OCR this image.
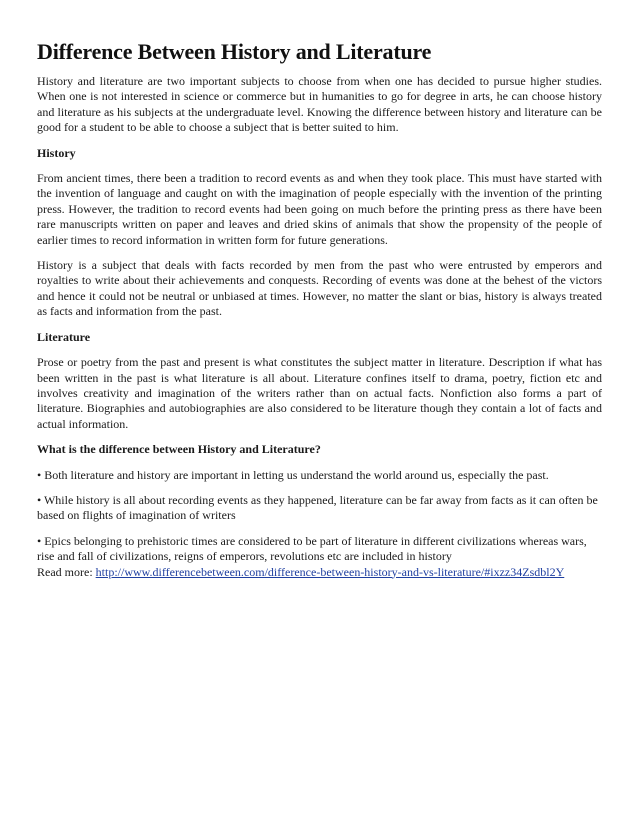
Difference Between History and Literature

History and literature are two important subjects to choose from when one has decided to pursue higher studies. When one is not interested in science or commerce but in humanities to go for degree in arts, he can choose history and literature as his subjects at the undergraduate level. Knowing the difference between history and literature can be good for a student to be able to choose a subject that is better suited to him.

History

From ancient times, there been a tradition to record events as and when they took place. This must have started with the invention of language and caught on with the imagination of people especially with the invention of the printing press. However, the tradition to record events had been going on much before the printing press as there have been rare manuscripts written on paper and leaves and dried skins of animals that show the propensity of the people of earlier times to record information in written form for future generations.

History is a subject that deals with facts recorded by men from the past who were entrusted by emperors and royalties to write about their achievements and conquests. Recording of events was done at the behest of the victors and hence it could not be neutral or unbiased at times. However, no matter the slant or bias, history is always treated as facts and information from the past.

Literature

Prose or poetry from the past and present is what constitutes the subject matter in literature. Description if what has been written in the past is what literature is all about. Literature confines itself to drama, poetry, fiction etc and involves creativity and imagination of the writers rather than on actual facts. Nonfiction also forms a part of literature. Biographies and autobiographies are also considered to be literature though they contain a lot of facts and actual information.

What is the difference between History and Literature?

• Both literature and history are important in letting us understand the world around us, especially the past.

• While history is all about recording events as they happened, literature can be far away from facts as it can often be based on flights of imagination of writers

• Epics belonging to prehistoric times are considered to be part of literature in different civilizations whereas wars, rise and fall of civilizations, reigns of emperors, revolutions etc are included in history

Read more: http://www.differencebetween.com/difference-between-history-and-vs-literature/#ixzz34Zsdbl2Y
